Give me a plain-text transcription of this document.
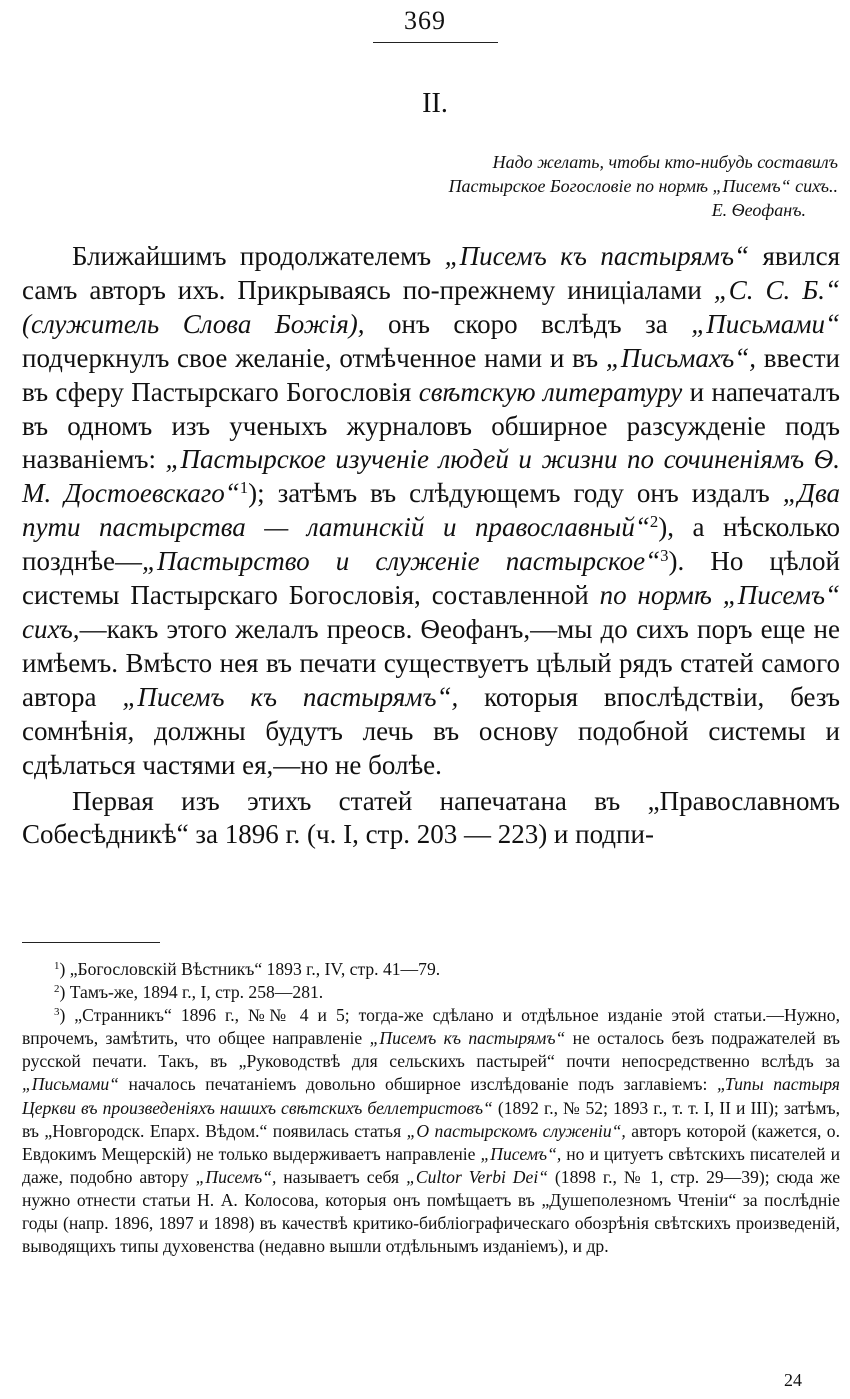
369
II.
Надо желать, чтобы кто-нибудь составилъ
Пастырское Богословіе по нормѣ „Писемъ“ сихъ..

Е. Ѳеофанъ.

Ближайшимъ продолжателемъ „Писемъ къ пастырямъ“ явился самъ авторъ ихъ. Прикрываясь по-прежнему иниціалами „С. С. Б.“ (служитель Слова Божія), онъ скоро вслѣдъ за „Письмами“ подчеркнулъ свое желаніе, отмѣченное нами и въ „Письмахъ“, ввести въ сферу Пастырскаго Богословія свѣтскую литературу и напечаталъ въ одномъ изъ ученыхъ журналовъ обширное разсужденіе подъ названіемъ: „Пастырское изученіе людей и жизни по сочиненіямъ Ѳ. М. Достоевскаго“$^1$); затѣмъ въ слѣдующемъ году онъ издалъ „Два пути пастырства — латинскій и православный“$^2$), а нѣсколько позднѣе—„Пастырство и служеніе пастырское“$^3$). Но цѣлой системы Пастырскаго Богословія, составленной по нормѣ „Писемъ“ сихъ,—какъ этого желалъ преосв. Ѳеофанъ,—мы до сихъ поръ еще не имѣемъ. Вмѣсто нея въ печати существуетъ цѣлый рядъ статей самого автора „Писемъ къ пастырямъ“, которыя впослѣдствіи, безъ сомнѣнія, должны будутъ лечь въ основу подобной системы и сдѣлаться частями ея,—но не болѣе.

Первая изъ этихъ статей напечатана въ „Православномъ Собесѣдникѣ“ за 1896 г. (ч. I, стр. 203 — 223) и подпи-

$^1$) „Богословскій Вѣстникъ“ 1893 г., IV, стр. 41—79.

$^2$) Тамъ-же, 1894 г., I, стр. 258—281.

$^3$) „Странникъ“ 1896 г., №№ 4 и 5; тогда-же сдѣлано и отдѣльное изданіе этой статьи.—Нужно, впрочемъ, замѣтить, что общее направленіе „Писемъ къ пастырямъ“ не осталось безъ подражателей въ русской печати. Такъ, въ „Руководствѣ для сельскихъ пастырей“ почти непосредственно вслѣдъ за „Письмами“ началось печатаніемъ довольно обширное изслѣдованіе подъ заглавіемъ: „Типы пастыря Церкви въ произведеніяхъ нашихъ свѣтскихъ беллетристовъ“ (1892 г., № 52; 1893 г., т. т. I, II и III); затѣмъ, въ „Новгородск. Епарх. Вѣдом.“ появилась статья „О пастырскомъ служеніи“, авторъ которой (кажется, о. Евдокимъ Мещерскій) не только выдерживаетъ направленіе „Писемъ“, но и цитуетъ свѣтскихъ писателей и даже, подобно автору „Писемъ“, называетъ себя „Cultor Verbi Dei“ (1898 г., № 1, стр. 29—39); сюда же нужно отнести статьи Н. А. Колосова, которыя онъ помѣщаетъ въ „Душеполезномъ Чтеніи“ за послѣдніе годы (напр. 1896, 1897 и 1898) въ качествѣ критико-библіографическаго обозрѣнія свѣтскихъ произведеній, выводящихъ типы духовенства (недавно вышли отдѣльнымъ изданіемъ), и др.

24
